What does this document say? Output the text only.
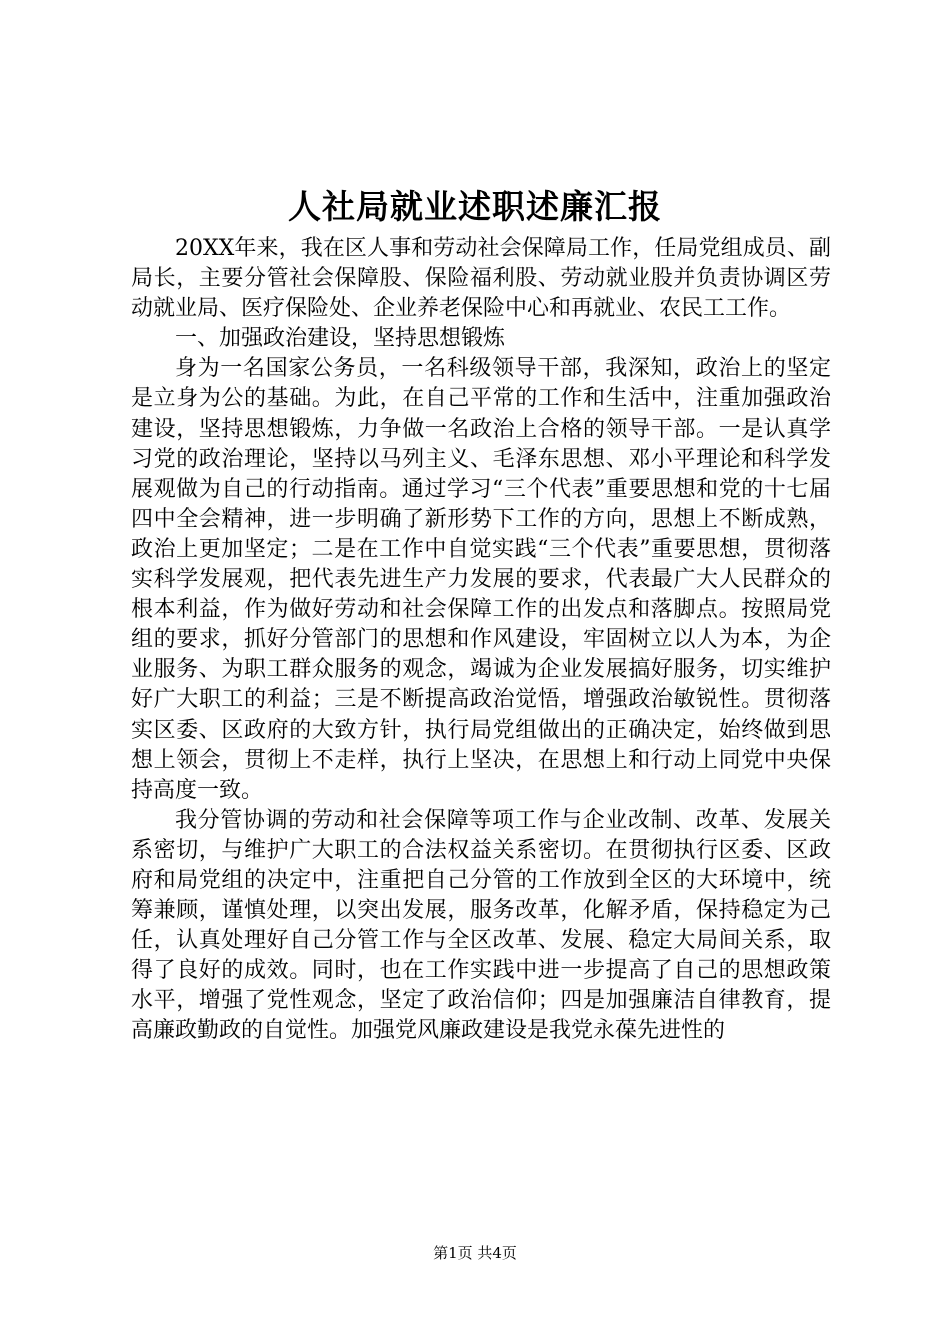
人社局就业述职述廉汇报

20XX年来，我在区人事和劳动社会保障局工作，任局党组成员、副局长，主要分管社会保障股、保险福利股、劳动就业股并负责协调区劳动就业局、医疗保险处、企业养老保险中心和再就业、农民工工作。

一、加强政治建设，坚持思想锻炼

身为一名国家公务员，一名科级领导干部，我深知，政治上的坚定是立身为公的基础。为此，在自己平常的工作和生活中，注重加强政治建设，坚持思想锻炼，力争做一名政治上合格的领导干部。一是认真学习党的政治理论，坚持以马列主义、毛泽东思想、邓小平理论和科学发展观做为自己的行动指南。通过学习“三个代表”重要思想和党的十七届四中全会精神，进一步明确了新形势下工作的方向，思想上不断成熟，政治上更加坚定；二是在工作中自觉实践“三个代表”重要思想，贯彻落实科学发展观，把代表先进生产力发展的要求，代表最广大人民群众的根本利益，作为做好劳动和社会保障工作的出发点和落脚点。按照局党组的要求，抓好分管部门的思想和作风建设，牢固树立以人为本，为企业服务、为职工群众服务的观念，竭诚为企业发展搞好服务，切实维护好广大职工的利益；三是不断提高政治觉悟，增强政治敏锐性。贯彻落实区委、区政府的大致方针，执行局党组做出的正确决定，始终做到思想上领会，贯彻上不走样，执行上坚决，在思想上和行动上同党中央保持高度一致。

我分管协调的劳动和社会保障等项工作与企业改制、改革、发展关系密切，与维护广大职工的合法权益关系密切。在贯彻执行区委、区政府和局党组的决定中，注重把自己分管的工作放到全区的大环境中，统筹兼顾，谨慎处理，以突出发展，服务改革，化解矛盾，保持稳定为己任，认真处理好自己分管工作与全区改革、发展、稳定大局间关系，取得了良好的成效。同时，也在工作实践中进一步提高了自己的思想政策水平，增强了党性观念，坚定了政治信仰；四是加强廉洁自律教育，提高廉政勤政的自觉性。加强党风廉政建设是我党永葆先进性的

第1页 共4页
